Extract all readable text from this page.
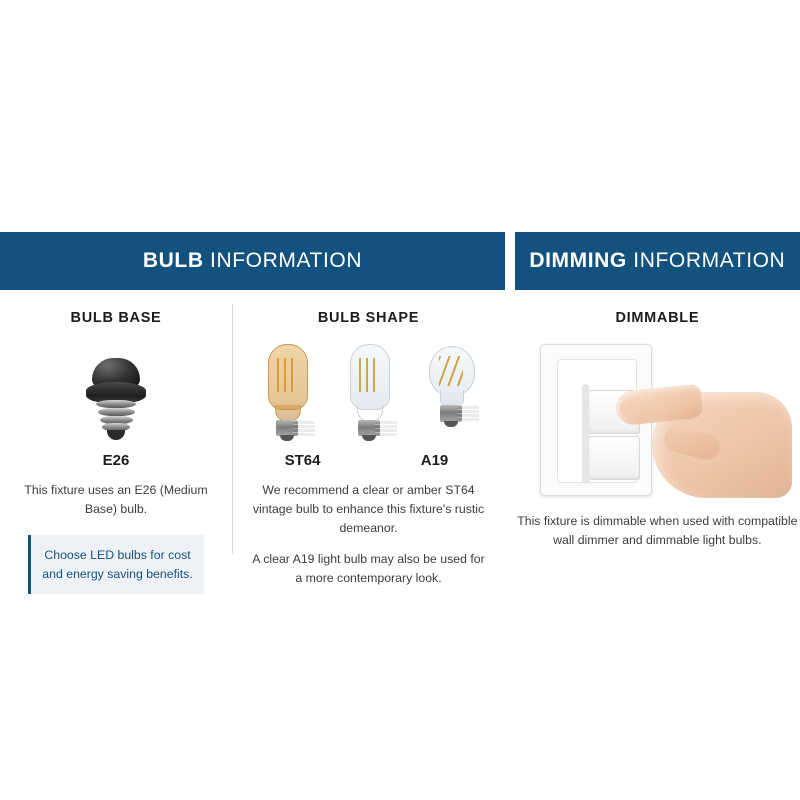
BULB INFORMATION
BULB BASE
E26
This fixture uses an E26 (Medium Base) bulb.
Choose LED bulbs for cost and energy saving benefits.
BULB SHAPE
ST64	A19
We recommend a clear or amber ST64 vintage bulb to enhance this fixture's rustic demeanor.
A clear A19 light bulb may also be used for a more contemporary look.
DIMMING INFORMATION
DIMMABLE
This fixture is dimmable when used with compatible wall dimmer and dimmable light bulbs.
